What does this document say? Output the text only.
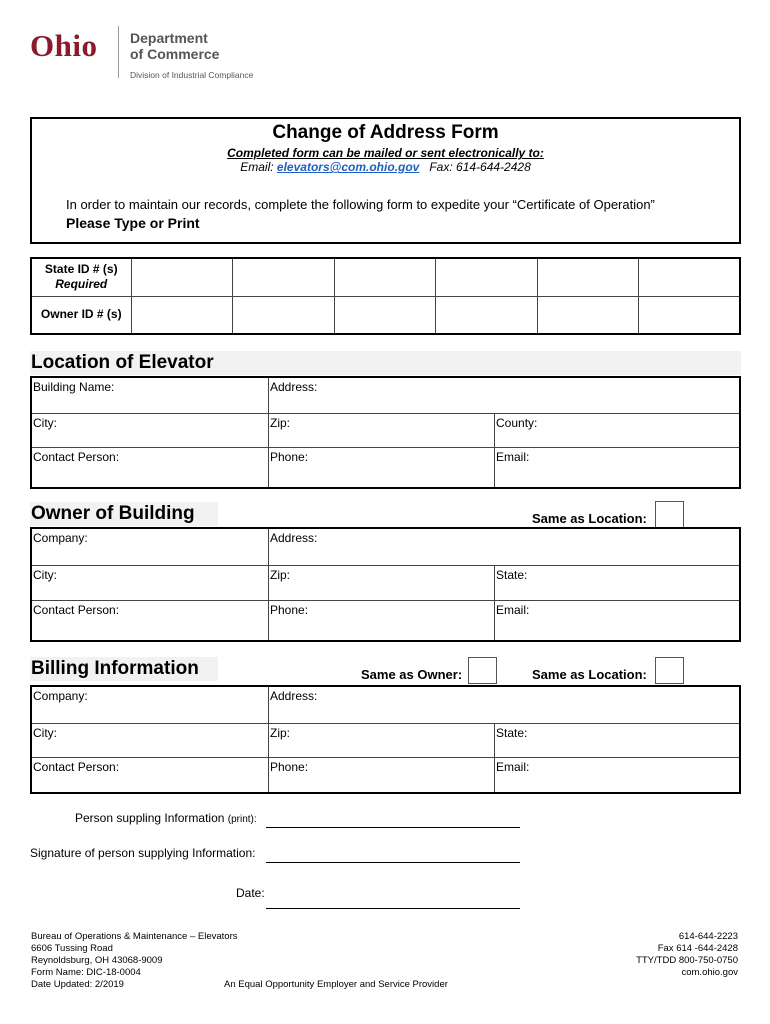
Ohio Department
of Commerce
Division of Industrial Compliance
Change of Address Form
Completed form can be mailed or sent electronically to:
Email: elevators@com.ohio.gov Fax: 614-644-2428
In order to maintain our records, complete the following form to expedite your “Certificate of Operation”
Please Type or Print
State ID # (s)
Required						
Owner ID # (s)						
Location of Elevator
Building Name:	Address:
City:	Zip:	County:
Contact Person:	Phone:	Email:
Owner of Building	Same as Location:
Company:	Address:
City:	Zip:	State:
Contact Person:	Phone:	Email:
Billing Information	Same as Owner:	Same as Location:
Company:	Address:
City:	Zip:	State:
Contact Person:	Phone:	Email:
Person suppling Information (print):
Signature of person supplying Information:
Date:
Bureau of Operations & Maintenance – Elevators
6606 Tussing Road
Reynoldsburg, OH 43068-9009
Form Name: DIC-18-0004
Date Updated: 2/2019	An Equal Opportunity Employer and Service Provider
614-644-2223
Fax 614 -644-2428
TTY/TDD 800-750-0750
com.ohio.gov
